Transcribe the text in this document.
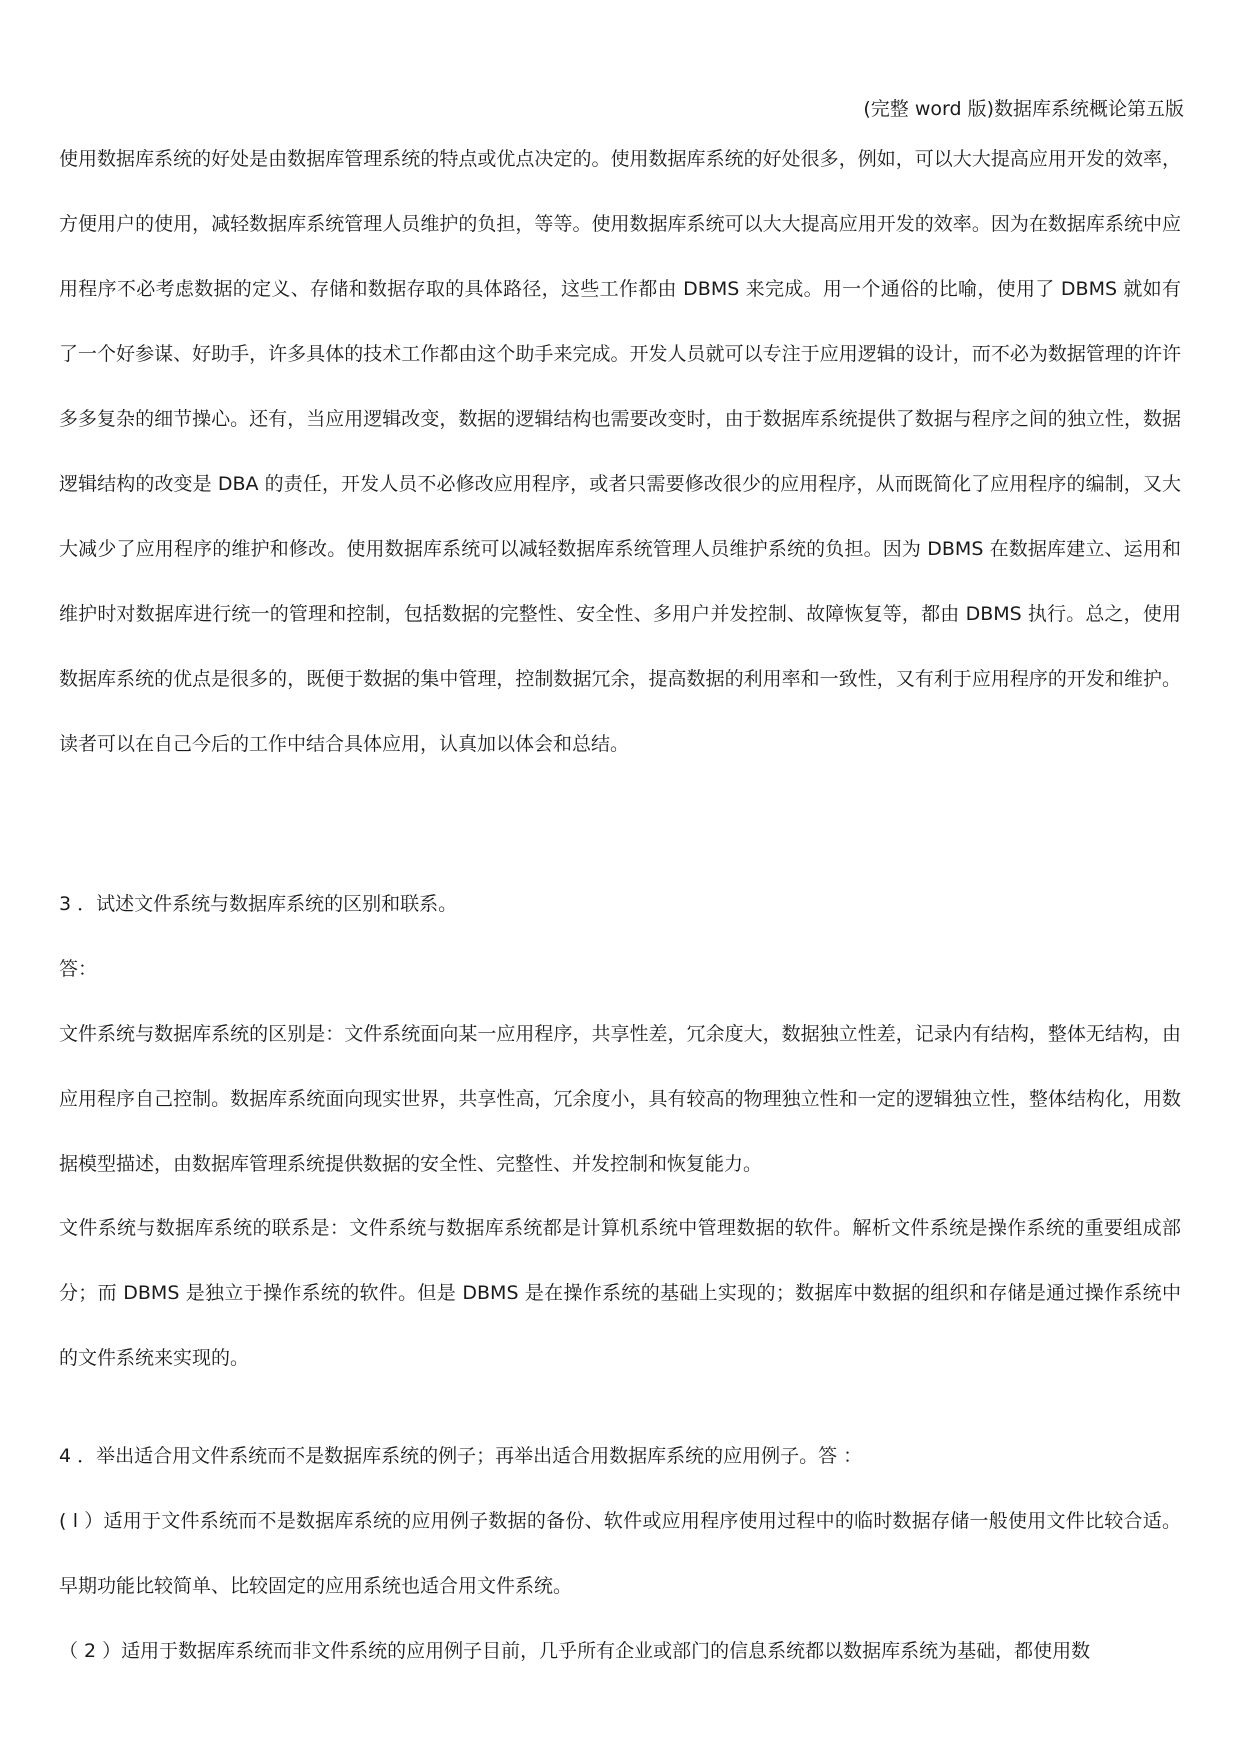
(完整 word 版)数据库系统概论第五版
使用数据库系统的好处是由数据库管理系统的特点或优点决定的。使用数据库系统的好处很多，例如，可以大大提高应用开发的效率，方便用户的使用，减轻数据库系统管理人员维护的负担，等等。使用数据库系统可以大大提高应用开发的效率。因为在数据库系统中应用程序不必考虑数据的定义、存储和数据存取的具体路径，这些工作都由 DBMS 来完成。用一个通俗的比喻，使用了 DBMS 就如有了一个好参谋、好助手，许多具体的技术工作都由这个助手来完成。开发人员就可以专注于应用逻辑的设计，而不必为数据管理的许许多多复杂的细节操心。还有，当应用逻辑改变，数据的逻辑结构也需要改变时，由于数据库系统提供了数据与程序之间的独立性，数据逻辑结构的改变是 DBA 的责任，开发人员不必修改应用程序，或者只需要修改很少的应用程序，从而既简化了应用程序的编制，又大大减少了应用程序的维护和修改。使用数据库系统可以减轻数据库系统管理人员维护系统的负担。因为 DBMS 在数据库建立、运用和维护时对数据库进行统一的管理和控制，包括数据的完整性、安全性、多用户并发控制、故障恢复等，都由 DBMS 执行。总之，使用数据库系统的优点是很多的，既便于数据的集中管理，控制数据冗余，提高数据的利用率和一致性，又有利于应用程序的开发和维护。读者可以在自己今后的工作中结合具体应用，认真加以体会和总结。
3 ．试述文件系统与数据库系统的区别和联系。
答：
文件系统与数据库系统的区别是：文件系统面向某一应用程序，共享性差，冗余度大，数据独立性差，记录内有结构，整体无结构，由应用程序自己控制。数据库系统面向现实世界，共享性高，冗余度小，具有较高的物理独立性和一定的逻辑独立性，整体结构化，用数据模型描述，由数据库管理系统提供数据的安全性、完整性、并发控制和恢复能力。
文件系统与数据库系统的联系是：文件系统与数据库系统都是计算机系统中管理数据的软件。解析文件系统是操作系统的重要组成部分；而 DBMS 是独立于操作系统的软件。但是 DBMS 是在操作系统的基础上实现的；数据库中数据的组织和存储是通过操作系统中的文件系统来实现的。
4 ．举出适合用文件系统而不是数据库系统的例子；再举出适合用数据库系统的应用例子。答 ：
( l ）适用于文件系统而不是数据库系统的应用例子数据的备份、软件或应用程序使用过程中的临时数据存储一般使用文件比较合适。早期功能比较简单、比较固定的应用系统也适合用文件系统。
（ 2 ）适用于数据库系统而非文件系统的应用例子目前，几乎所有企业或部门的信息系统都以数据库系统为基础，都使用数
